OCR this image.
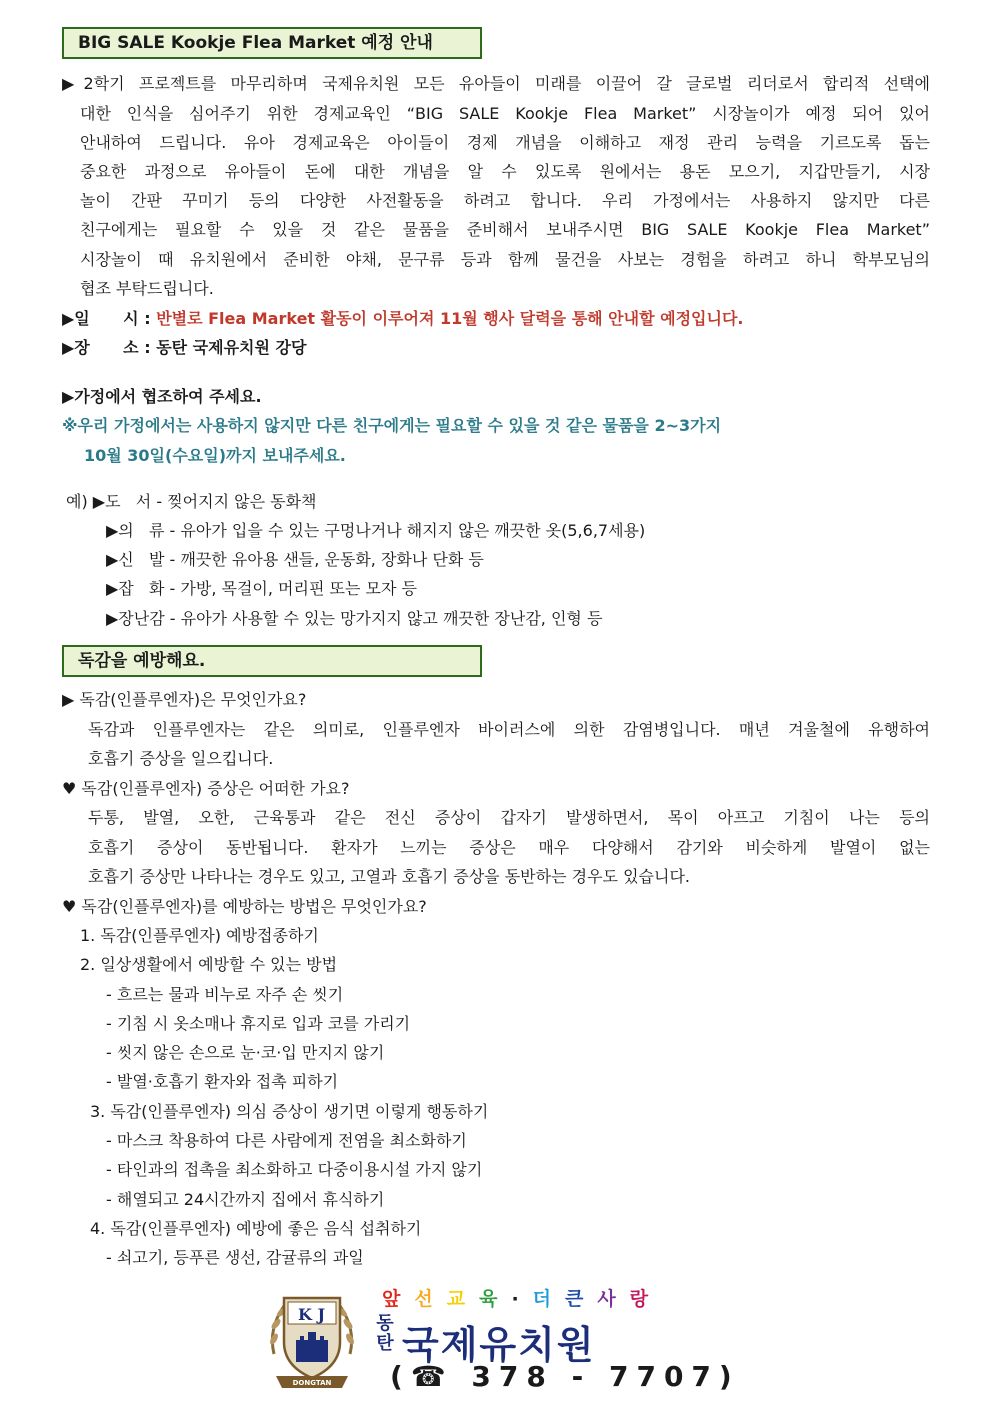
BIG SALE Kookje Flea Market 예정 안내
▶2학기 프로젝트를 마무리하며 국제유치원 모든 유아들이 미래를 이끌어 갈 글로벌 리더로서 합리적 선택에
대한 인식을 심어주기 위한 경제교육인 “BIG SALE Kookje Flea Market” 시장놀이가 예정 되어 있어
안내하여 드립니다. 유아 경제교육은 아이들이 경제 개념을 이해하고 재정 관리 능력을 기르도록 돕는
중요한 과정으로 유아들이 돈에 대한 개념을 알 수 있도록 원에서는 용돈 모으기, 지갑만들기, 시장
놀이 간판 꾸미기 등의 다양한 사전활동을 하려고 합니다. 우리 가정에서는 사용하지 않지만 다른
친구에게는 필요할 수 있을 것 같은 물품을 준비해서 보내주시면 BIG SALE Kookje Flea Market”
시장놀이 때 유치원에서 준비한 야채, 문구류 등과 함께 물건을 사보는 경험을 하려고 하니 학부모님의
협조 부탁드립니다.
▶일      시 : 반별로 Flea Market 활동이 이루어져 11월 행사 달력을 통해 안내할 예정입니다.
▶장      소 : 동탄 국제유치원 강당
▶가정에서 협조하여 주세요.
※우리 가정에서는 사용하지 않지만 다른 친구에게는 필요할 수 있을 것 같은 물품을 2~3가지
10월 30일(수요일)까지 보내주세요.
예) ▶도   서 - 찢어지지 않은 동화책
▶의   류 - 유아가 입을 수 있는 구멍나거나 해지지 않은 깨끗한 옷(5,6,7세용)
▶신   발 - 깨끗한 유아용 샌들, 운동화, 장화나 단화 등
▶잡   화 - 가방, 목걸이, 머리핀 또는 모자 등
▶장난감 - 유아가 사용할 수 있는 망가지지 않고 깨끗한 장난감, 인형 등
독감을 예방해요.
▶ 독감(인플루엔자)은 무엇인가요?
독감과 인플루엔자는 같은 의미로, 인플루엔자 바이러스에 의한 감염병입니다. 매년 겨울철에 유행하여
호흡기 증상을 일으킵니다.
♥ 독감(인플루엔자) 증상은 어떠한 가요?
두통, 발열, 오한, 근육통과 같은 전신 증상이 갑자기 발생하면서, 목이 아프고 기침이 나는 등의
호흡기 증상이 동반됩니다. 환자가 느끼는 증상은 매우 다양해서 감기와 비슷하게 발열이 없는
호흡기 증상만 나타나는 경우도 있고, 고열과 호흡기 증상을 동반하는 경우도 있습니다.
♥ 독감(인플루엔자)를 예방하는 방법은 무엇인가요?
1. 독감(인플루엔자) 예방접종하기
2. 일상생활에서 예방할 수 있는 방법
- 흐르는 물과 비누로 자주 손 씻기
- 기침 시 옷소매나 휴지로 입과 코를 가리기
- 씻지 않은 손으로 눈·코·입 만지지 않기
- 발열·호흡기 환자와 접촉 피하기
3. 독감(인플루엔자) 의심 증상이 생기면 이렇게 행동하기
- 마스크 착용하여 다른 사람에게 전염을 최소화하기
- 타인과의 접촉을 최소화하고 다중이용시설 가지 않기
- 해열되고 24시간까지 집에서 휴식하기
4. 독감(인플루엔자) 예방에 좋은 음식 섭취하기
- 쇠고기, 등푸른 생선, 감귤류의 과일
K J
DONGTAN
앞 선 교 육 · 더 큰 사 랑
동탄 국제유치원
(☎ 378 - 7707)
